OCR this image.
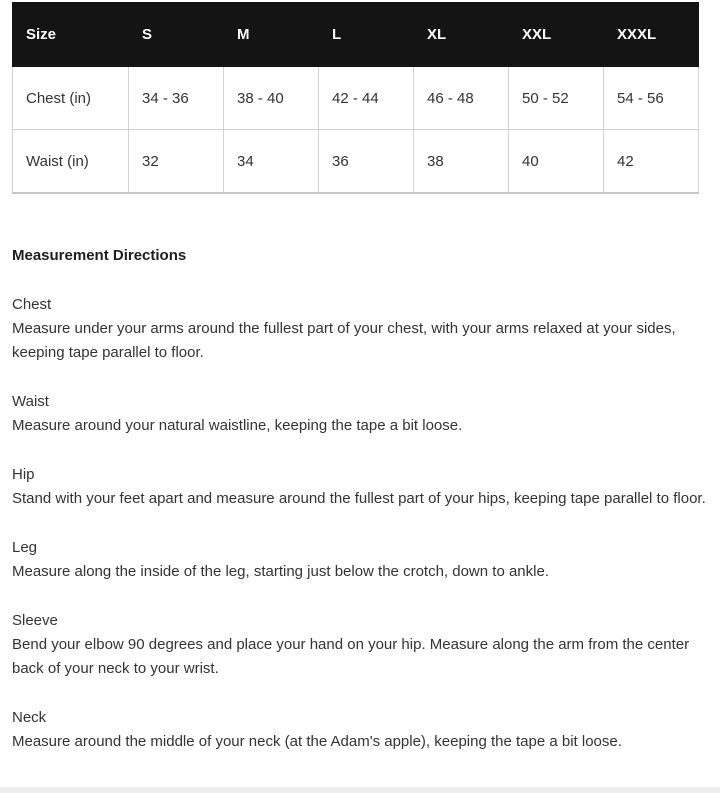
Size	S	M	L	XL	XXL	XXXL
Chest (in)	34 - 36	38 - 40	42 - 44	46 - 48	50 - 52	54 - 56
Waist (in)	32	34	36	38	40	42
Measurement Directions

Chest
Measure under your arms around the fullest part of your chest, with your arms relaxed at your sides, keeping tape parallel to floor.

Waist
Measure around your natural waistline, keeping the tape a bit loose.

Hip
Stand with your feet apart and measure around the fullest part of your hips, keeping tape parallel to floor.

Leg
Measure along the inside of the leg, starting just below the crotch, down to ankle.

Sleeve
Bend your elbow 90 degrees and place your hand on your hip. Measure along the arm from the center back of your neck to your wrist.

Neck
Measure around the middle of your neck (at the Adam's apple), keeping the tape a bit loose.
